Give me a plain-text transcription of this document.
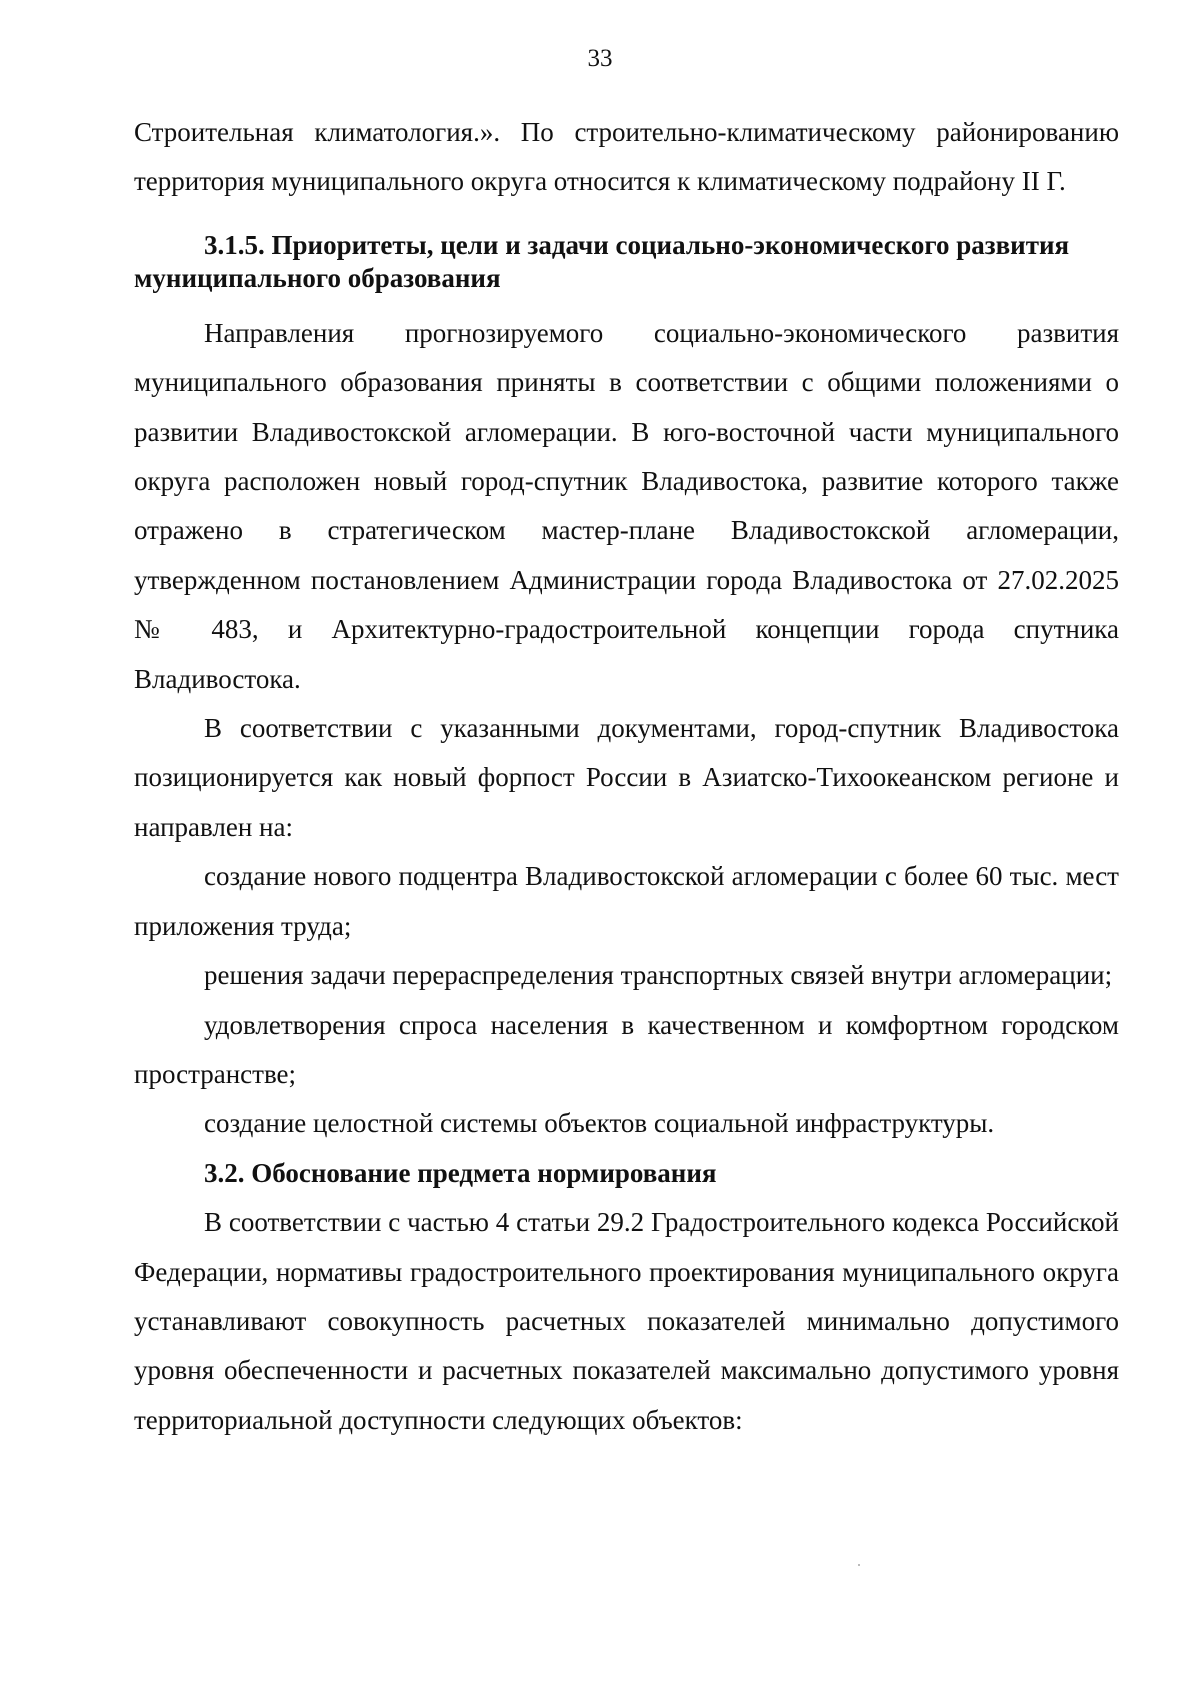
33

Строительная климатология.». По строительно-климатическому районированию территория муниципального округа относится к климатическому подрайону II Г.

3.1.5. Приоритеты, цели и задачи социально-экономического развития муниципального образования

Направления прогнозируемого социально-экономического развития муниципального образования приняты в соответствии с общими положениями о развитии Владивостокской агломерации. В юго-восточной части муниципального округа расположен новый город-спутник Владивостока, развитие которого также отражено в стратегическом мастер-плане Владивостокской агломерации, утвержденном постановлением Администрации города Владивостока от 27.02.2025 № 483, и Архитектурно-градостроительной концепции города спутника Владивостока.

В соответствии с указанными документами, город-спутник Владивостока позиционируется как новый форпост России в Азиатско-Тихоокеанском регионе и направлен на:

создание нового подцентра Владивостокской агломерации с более 60 тыс. мест приложения труда;

решения задачи перераспределения транспортных связей внутри агломерации;

удовлетворения спроса населения в качественном и комфортном городском пространстве;

создание целостной системы объектов социальной инфраструктуры.

3.2. Обоснование предмета нормирования

В соответствии с частью 4 статьи 29.2 Градостроительного кодекса Российской Федерации, нормативы градостроительного проектирования муниципального округа устанавливают совокупность расчетных показателей минимально допустимого уровня обеспеченности и расчетных показателей максимально допустимого уровня территориальной доступности следующих объектов:
